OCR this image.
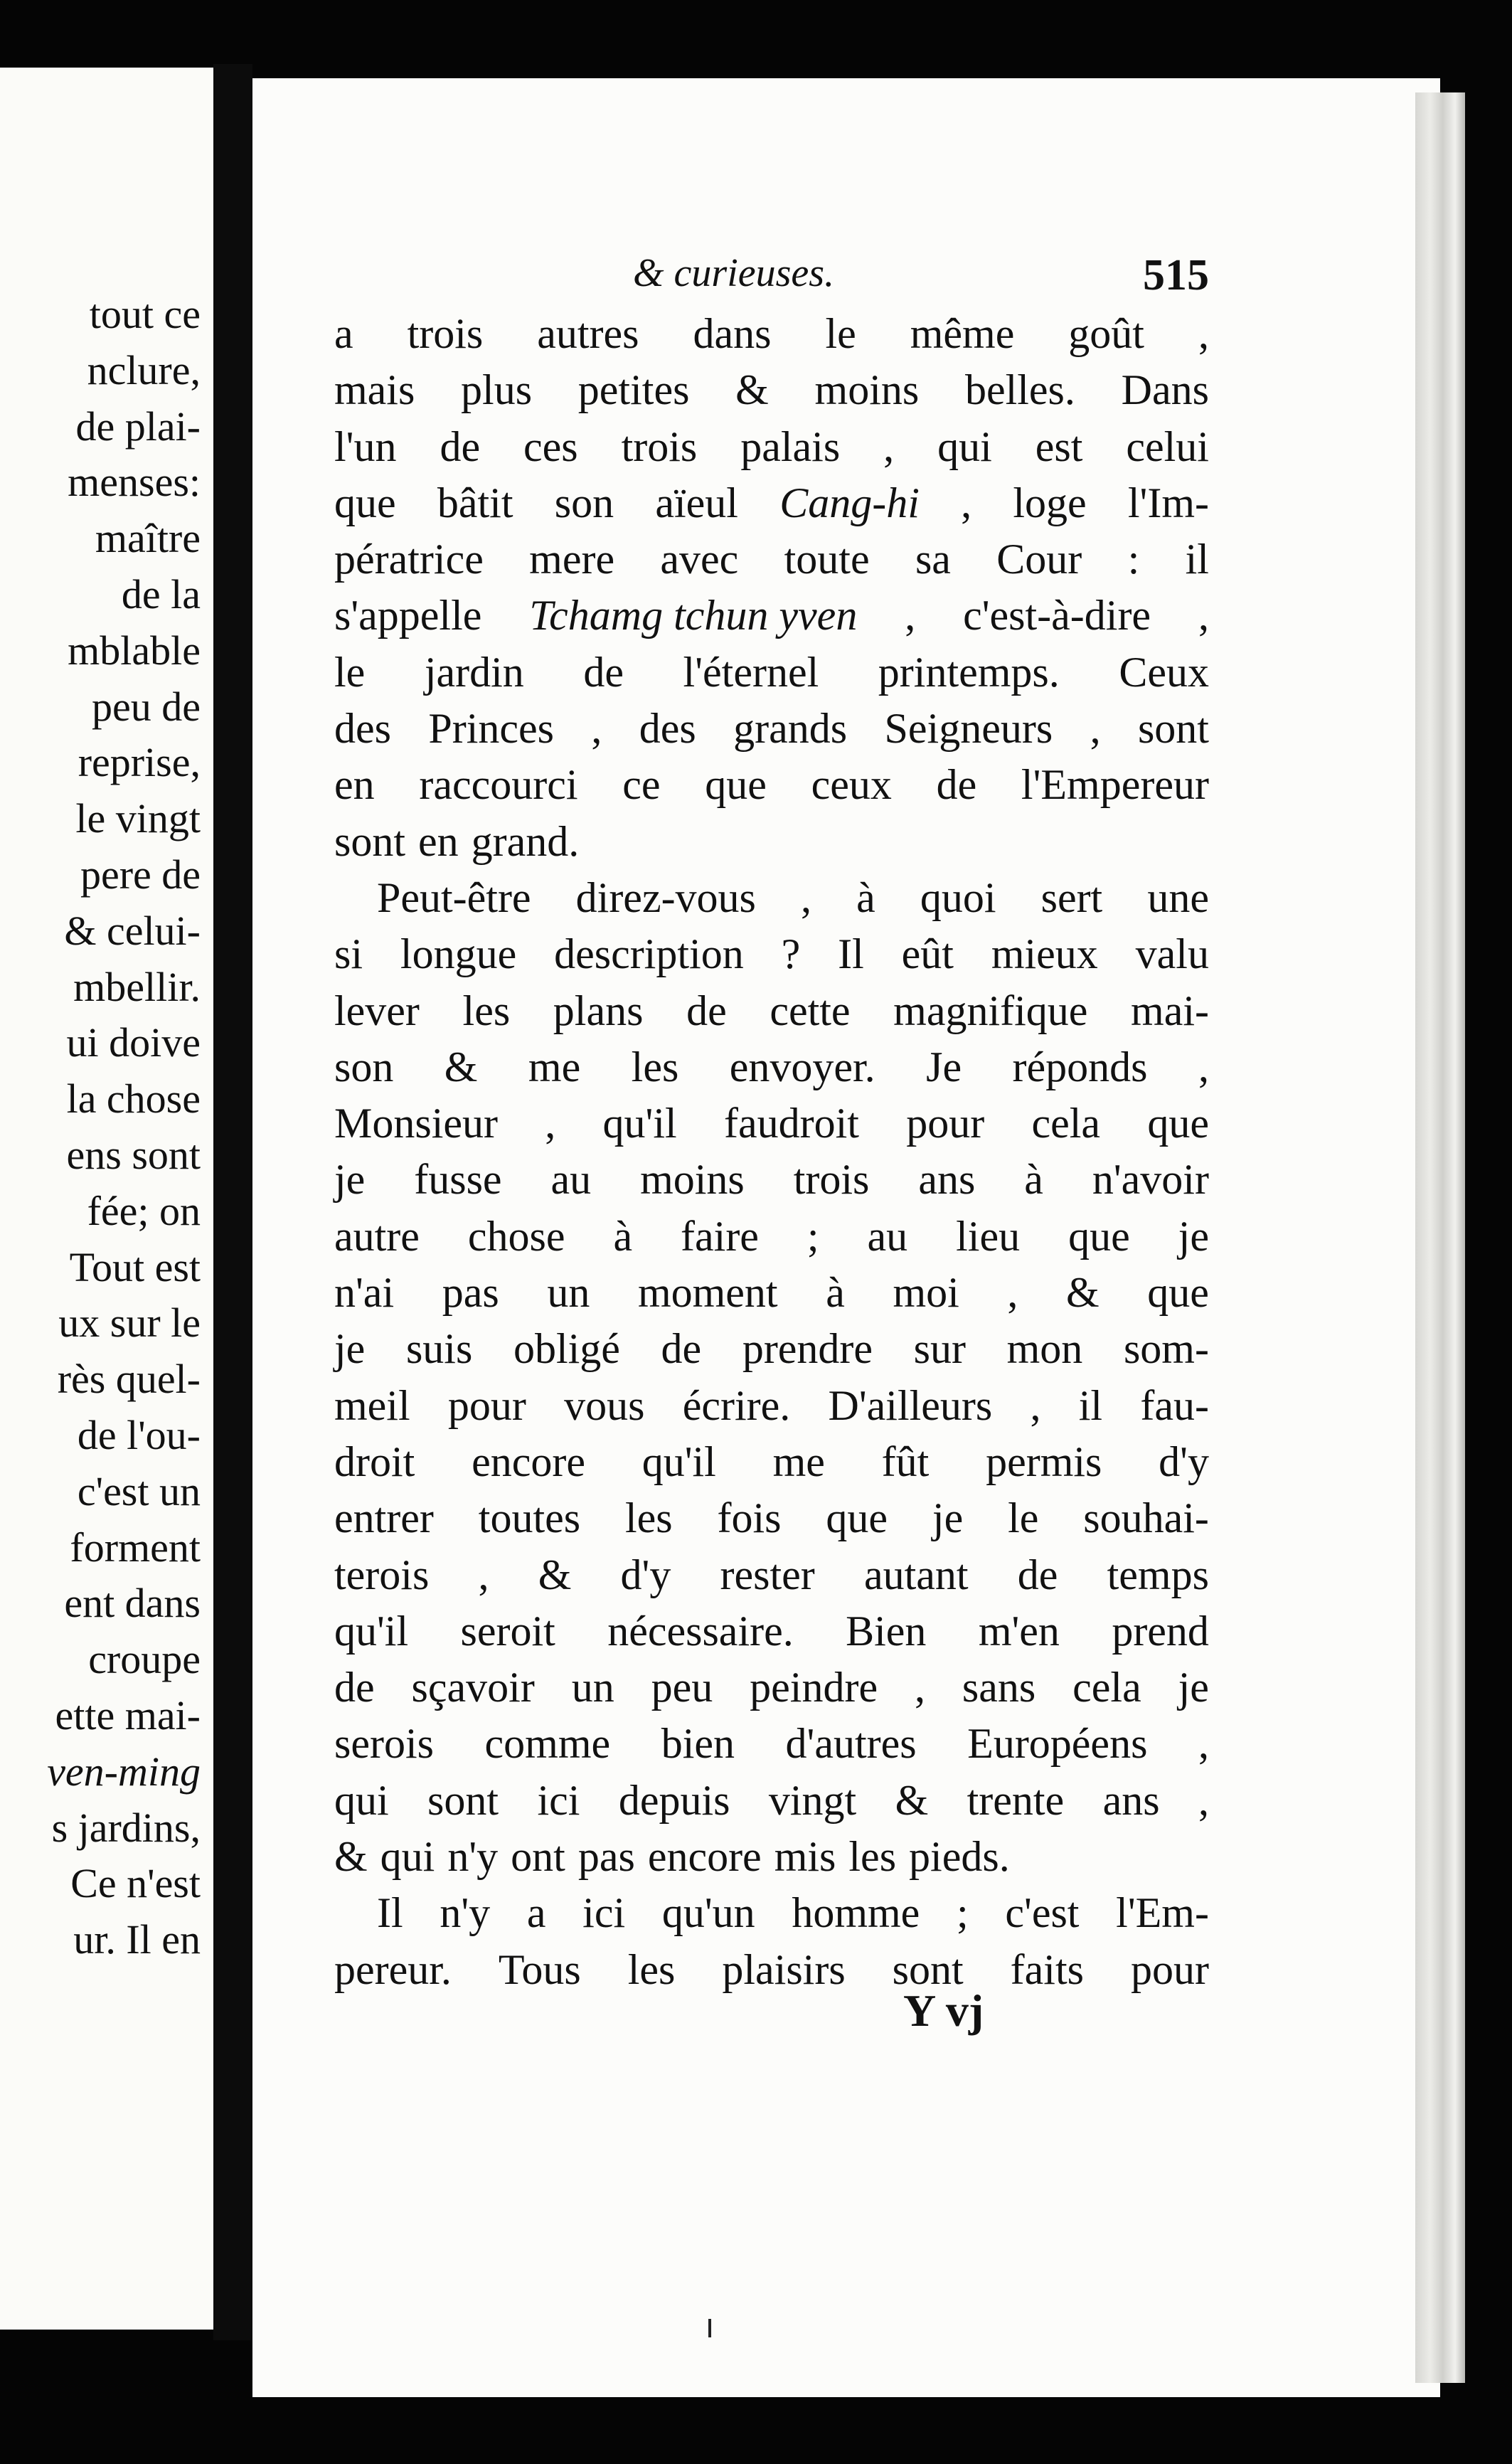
tout ce
nclure,
de plai-
menses:
maître
de la
mblable
peu de
reprise,
le vingt
pere de
& celui-
mbellir.
ui doive
la chose
ens sont
fée; on
Tout est
ux sur le
rès quel-
de l'ou-
c'est un
forment
ent dans
croupe
ette mai-
ven-ming
s jardins,
Ce n'est
ur. Il en
& curieuses.	515
a trois autres dans le même goût ,
mais plus petites & moins belles. Dans
l'un de ces trois palais , qui est celui
que bâtit son aïeul Cang-hi , loge l'Im-
pératrice mere avec toute sa Cour : il
s'appelle Tchamg tchun yven , c'est-à-dire ,
le jardin de l'éternel printemps. Ceux
des Princes , des grands Seigneurs , sont
en raccourci ce que ceux de l'Empereur
sont en grand.
Peut-être direz-vous , à quoi sert une
si longue description ? Il eût mieux valu
lever les plans de cette magnifique mai-
son & me les envoyer. Je réponds ,
Monsieur , qu'il faudroit pour cela que
je fusse au moins trois ans à n'avoir
autre chose à faire ; au lieu que je
n'ai pas un moment à moi , & que
je suis obligé de prendre sur mon som-
meil pour vous écrire. D'ailleurs , il fau-
droit encore qu'il me fût permis d'y
entrer toutes les fois que je le souhai-
terois , & d'y rester autant de temps
qu'il seroit nécessaire. Bien m'en prend
de sçavoir un peu peindre , sans cela je
serois comme bien d'autres Européens ,
qui sont ici depuis vingt & trente ans ,
& qui n'y ont pas encore mis les pieds.
Il n'y a ici qu'un homme ; c'est l'Em-
pereur. Tous les plaisirs sont faits pour
Y vj
